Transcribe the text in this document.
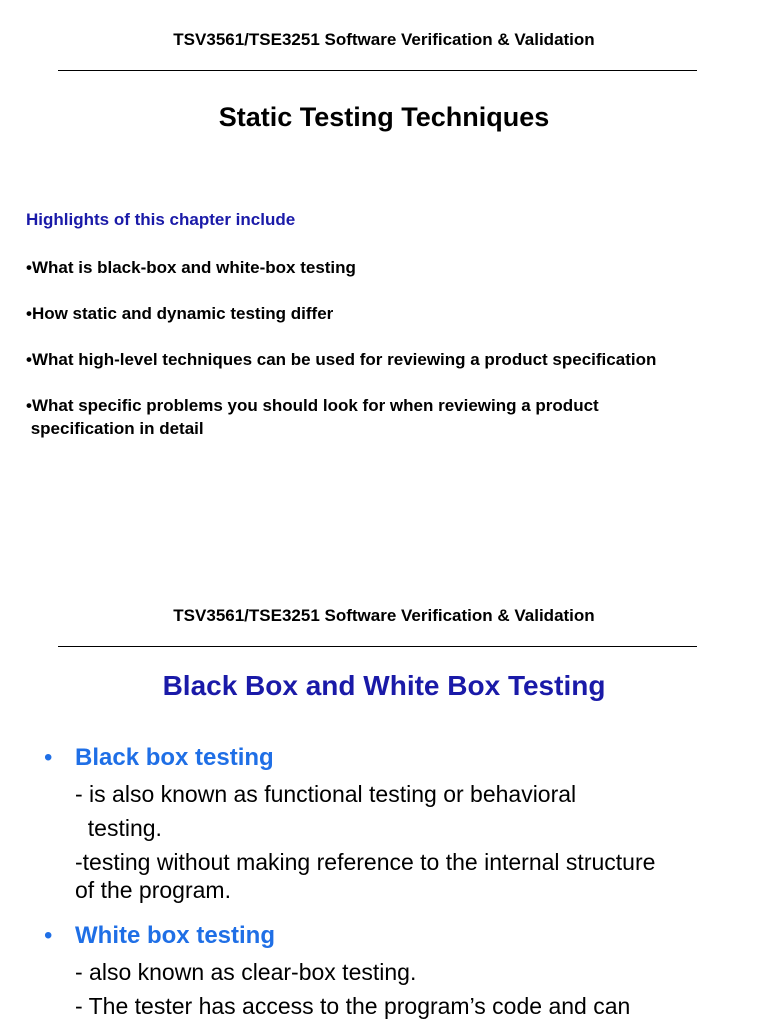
TSV3561/TSE3251 Software Verification & Validation
Static Testing Techniques
Highlights of this chapter include
•What is black-box and white-box testing
•How static and dynamic testing differ
•What high-level techniques can be used for reviewing a product specification
•What specific problems you should look for when reviewing a product
specification in detail
TSV3561/TSE3251 Software Verification & Validation
Black Box and White Box Testing
• Black box testing
- is also known as functional testing or behavioral
testing.
-testing without making reference to the internal structure
of the program.
• White box testing
- also known as clear-box testing.
- The tester has access to the program’s code and can
